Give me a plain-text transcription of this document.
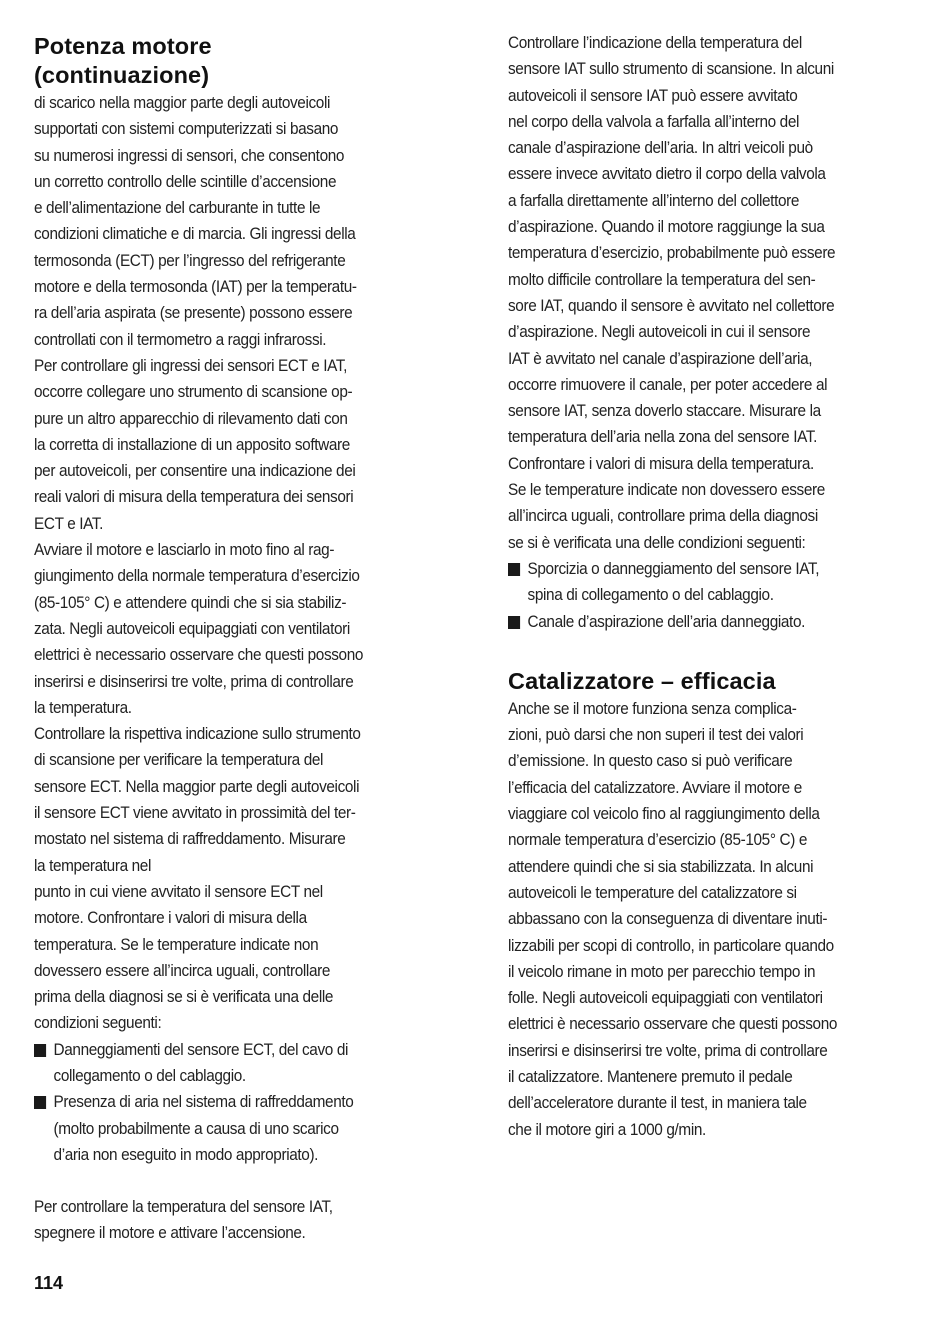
Potenza motore
(continuazione)
di scarico nella maggior parte degli autoveicoli
supportati con sistemi computerizzati si basano
su numerosi ingressi di sensori, che consentono
un corretto controllo delle scintille d’accensione
e dell’alimentazione del carburante in tutte le
condizioni climatiche e di marcia. Gli ingressi della
termosonda (ECT) per l’ingresso del refrigerante
motore e della termosonda (IAT) per la temperatu-
ra dell’aria aspirata (se presente) possono essere
controllati con il termometro a raggi infrarossi.
Per controllare gli ingressi dei sensori ECT e IAT,
occorre collegare uno strumento di scansione op-
pure un altro apparecchio di rilevamento dati con
la corretta di installazione di un apposito software
per autoveicoli, per consentire una indicazione dei
reali valori di misura della temperatura dei sensori
ECT e IAT.
Avviare il motore e lasciarlo in moto fino al rag-
giungimento della normale temperatura d’esercizio
(85-105° C) e attendere quindi che si sia stabiliz-
zata. Negli autoveicoli equipaggiati con ventilatori
elettrici è necessario osservare che questi possono
inserirsi e disinserirsi tre volte, prima di controllare
la temperatura.
Controllare la rispettiva indicazione sullo strumento
di scansione per verificare la temperatura del
sensore ECT. Nella maggior parte degli autoveicoli
il sensore ECT viene avvitato in prossimità del ter-
mostato nel sistema di raffreddamento. Misurare
la temperatura nel
punto in cui viene avvitato il sensore ECT nel
motore. Confrontare i valori di misura della
temperatura. Se le temperature indicate non
dovessero essere all’incirca uguali, controllare
prima della diagnosi se si è verificata una delle
condizioni seguenti:
Danneggiamenti del sensore ECT, del cavo di
collegamento o del cablaggio.
Presenza di aria nel sistema di raffreddamento
(molto probabilmente a causa di uno scarico
d’aria non eseguito in modo appropriato).
Per controllare la temperatura del sensore IAT,
spegnere il motore e attivare l’accensione.
Controllare l’indicazione della temperatura del
sensore IAT sullo strumento di scansione. In alcuni
autoveicoli il sensore IAT può essere avvitato
nel corpo della valvola a farfalla all’interno del
canale d’aspirazione dell’aria. In altri veicoli può
essere invece avvitato dietro il corpo della valvola
a farfalla direttamente all’interno del collettore
d’aspirazione. Quando il motore raggiunge la sua
temperatura d’esercizio, probabilmente può essere
molto difficile controllare la temperatura del sen-
sore IAT, quando il sensore è avvitato nel collettore
d’aspirazione. Negli autoveicoli in cui il sensore
IAT è avvitato nel canale d’aspirazione dell’aria,
occorre rimuovere il canale, per poter accedere al
sensore IAT, senza doverlo staccare. Misurare la
temperatura dell’aria nella zona del sensore IAT.
Confrontare i valori di misura della temperatura.
Se le temperature indicate non dovessero essere
all’incirca uguali, controllare prima della diagnosi
se si è verificata una delle condizioni seguenti:
Sporcizia o danneggiamento del sensore IAT,
spina di collegamento o del cablaggio.
Canale d’aspirazione dell’aria danneggiato.
Catalizzatore – efficacia
Anche se il motore funziona senza complica-
zioni, può darsi che non superi il test dei valori
d’emissione. In questo caso si può verificare
l’efficacia del catalizzatore. Avviare il motore e
viaggiare col veicolo fino al raggiungimento della
normale temperatura d’esercizio (85-105° C) e
attendere quindi che si sia stabilizzata. In alcuni
autoveicoli le temperature del catalizzatore si
abbassano con la conseguenza di diventare inuti-
lizzabili per scopi di controllo, in particolare quando
il veicolo rimane in moto per parecchio tempo in
folle. Negli autoveicoli equipaggiati con ventilatori
elettrici è necessario osservare che questi possono
inserirsi e disinserirsi tre volte, prima di controllare
il catalizzatore. Mantenere premuto il pedale
dell’acceleratore durante il test, in maniera tale
che il motore giri a 1000 g/min.
114
